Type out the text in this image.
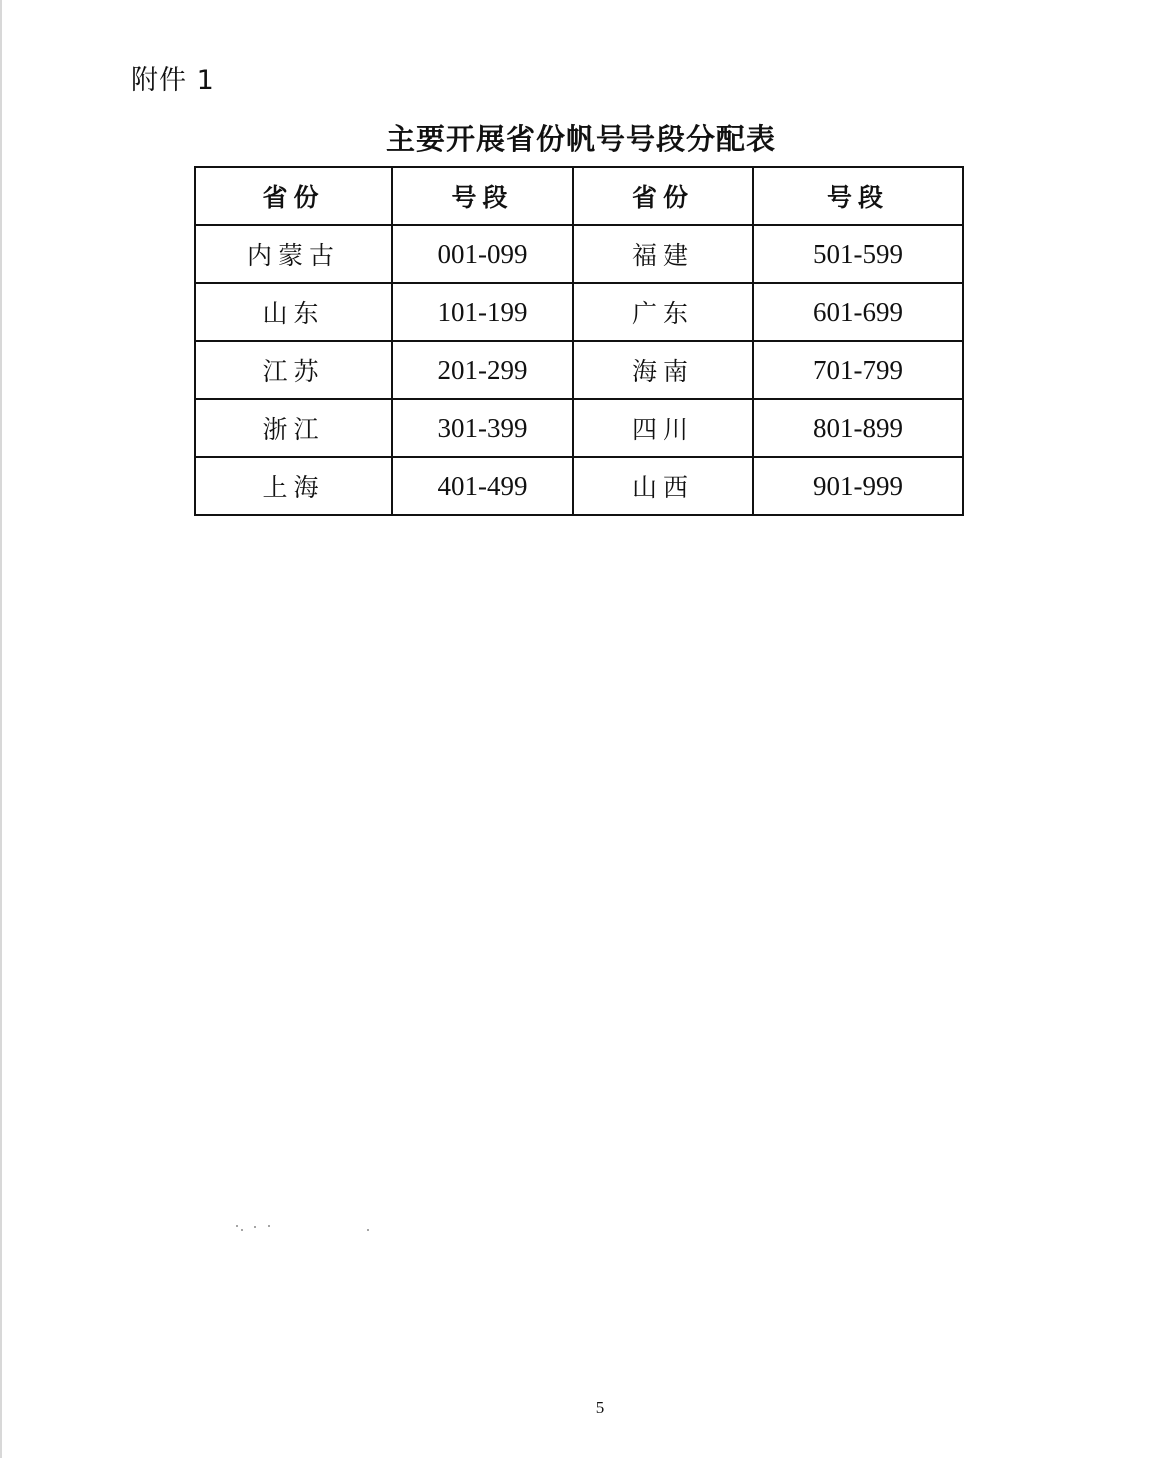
附件 1
主要开展省份帆号号段分配表
省份	号段	省份	号段
内蒙古	001-099	福建	501-599
山东	101-199	广东	601-699
江苏	201-299	海南	701-799
浙江	301-399	四川	801-899
上海	401-499	山西	901-999
5
